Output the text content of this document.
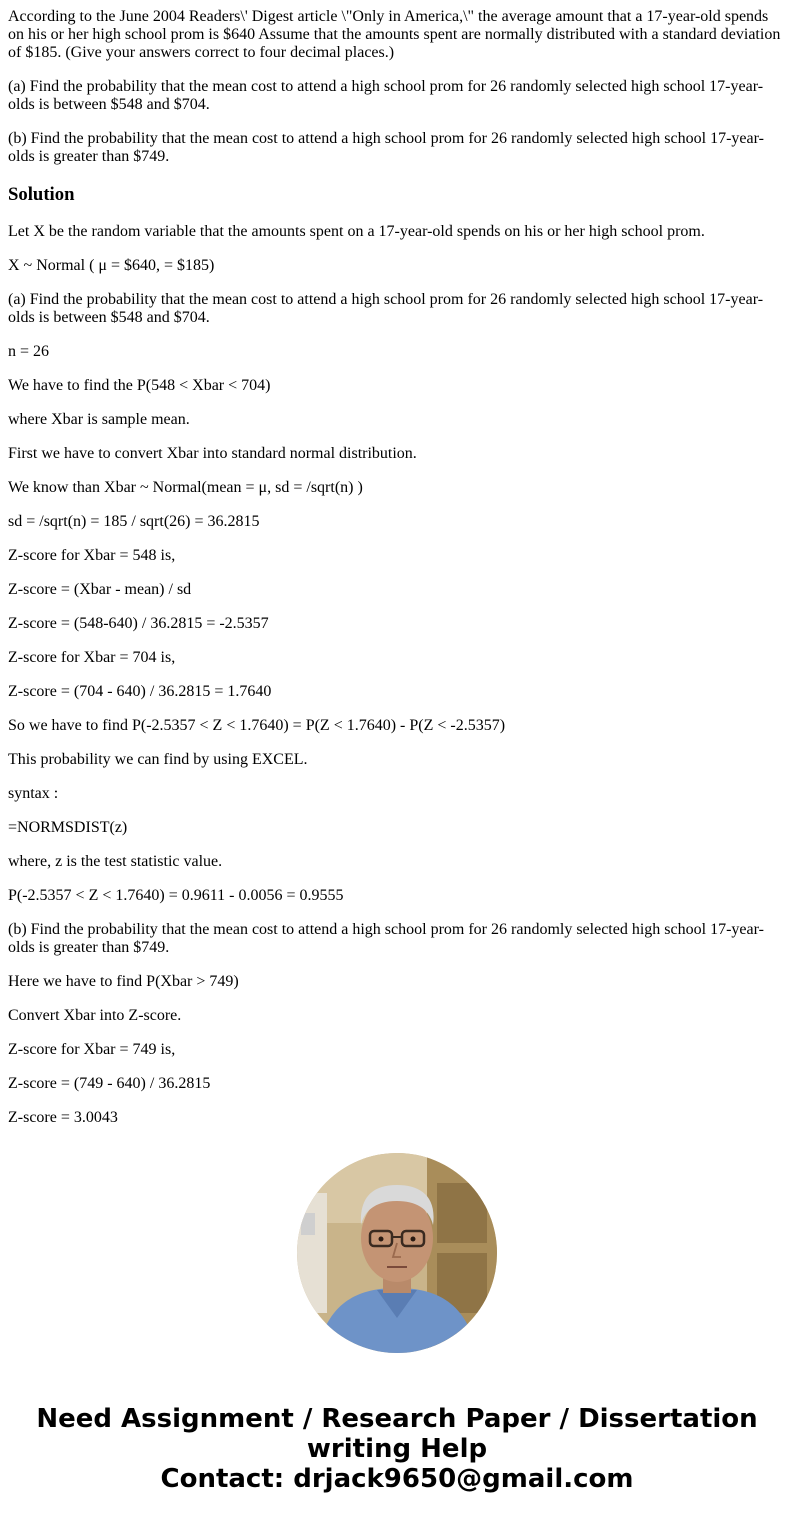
According to the June 2004 Readers\' Digest article \"Only in America,\" the average amount that a 17-year-old spends on his or her high school prom is $640 Assume that the amounts spent are normally distributed with a standard deviation of $185. (Give your answers correct to four decimal places.)

(a) Find the probability that the mean cost to attend a high school prom for 26 randomly selected high school 17-year-olds is between $548 and $704.

(b) Find the probability that the mean cost to attend a high school prom for 26 randomly selected high school 17-year-olds is greater than $749.

Solution

Let X be the random variable that the amounts spent on a 17-year-old spends on his or her high school prom.

X ~ Normal ( μ = $640, = $185)

(a) Find the probability that the mean cost to attend a high school prom for 26 randomly selected high school 17-year-olds is between $548 and $704.

n = 26

We have to find the P(548 < Xbar < 704)

where Xbar is sample mean.

First we have to convert Xbar into standard normal distribution.

We know than Xbar ~ Normal(mean = μ, sd = /sqrt(n) )

sd = /sqrt(n) = 185 / sqrt(26) = 36.2815

Z-score for Xbar = 548 is,

Z-score = (Xbar - mean) / sd

Z-score = (548-640) / 36.2815 = -2.5357

Z-score for Xbar = 704 is,

Z-score = (704 - 640) / 36.2815 = 1.7640

So we have to find P(-2.5357 < Z < 1.7640) = P(Z < 1.7640) - P(Z < -2.5357)

This probability we can find by using EXCEL.

syntax :

=NORMSDIST(z)

where, z is the test statistic value.

P(-2.5357 < Z < 1.7640) = 0.9611 - 0.0056 = 0.9555

(b) Find the probability that the mean cost to attend a high school prom for 26 randomly selected high school 17-year-olds is greater than $749.

Here we have to find P(Xbar > 749)

Convert Xbar into Z-score.

Z-score for Xbar = 749 is,

Z-score = (749 - 640) / 36.2815

Z-score = 3.0043

Need Assignment / Research Paper / Dissertation
writing Help
Contact: drjack9650@gmail.com
